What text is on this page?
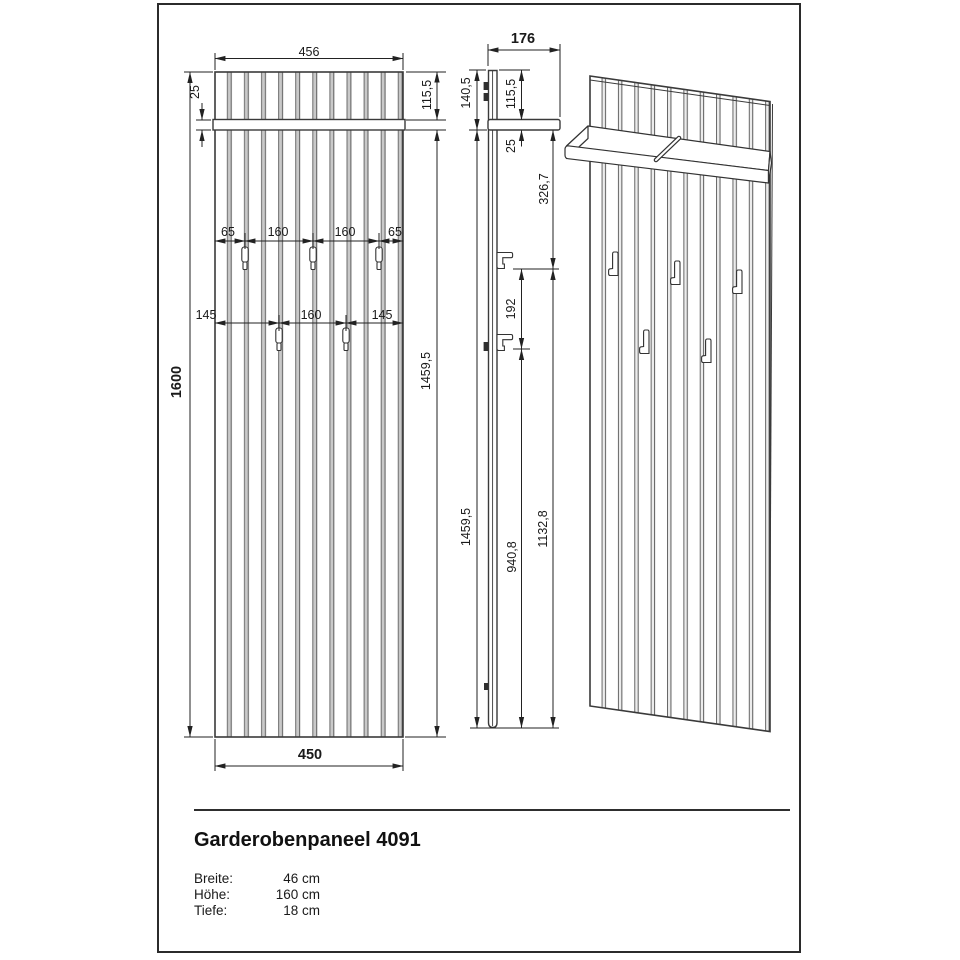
456
25	115,5
65	160	160	65
145	160	145
1600	1459,5
450
176
140,5 115,5
25
326,7
192
1459,5
940,8
1132,8
Garderobenpaneel 4091
Breite:	46 cm
Höhe:	160 cm
Tiefe:	18 cm
